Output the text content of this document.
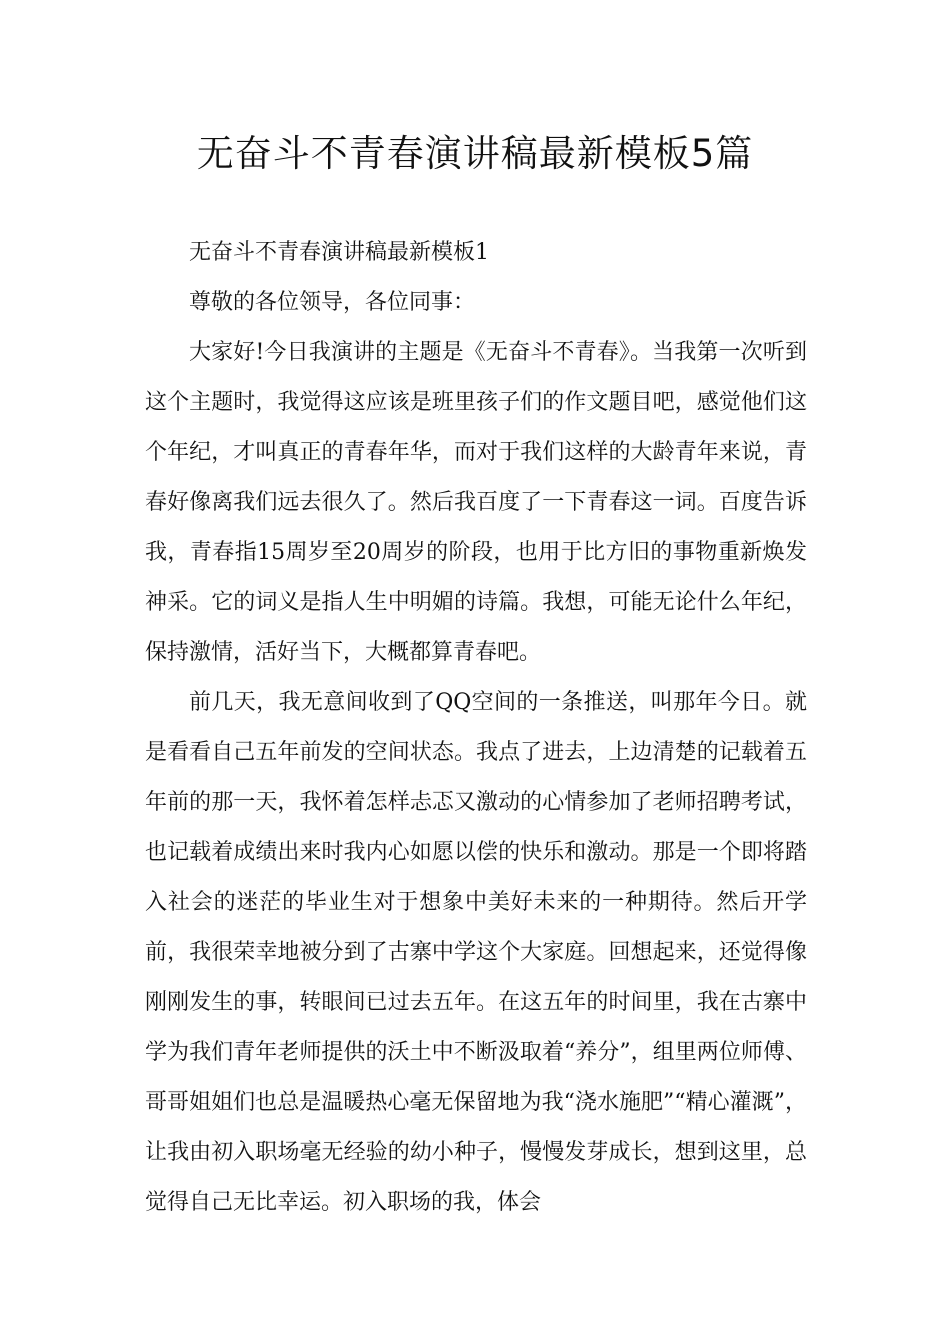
无奋斗不青春演讲稿最新模板5篇

无奋斗不青春演讲稿最新模板1

尊敬的各位领导，各位同事：

大家好!今日我演讲的主题是《无奋斗不青春》。当我第一次听到这个主题时，我觉得这应该是班里孩子们的作文题目吧，感觉他们这个年纪，才叫真正的青春年华，而对于我们这样的大龄青年来说，青春好像离我们远去很久了。然后我百度了一下青春这一词。百度告诉我，青春指15周岁至20周岁的阶段，也用于比方旧的事物重新焕发神采。它的词义是指人生中明媚的诗篇。我想，可能无论什么年纪，保持激情，活好当下，大概都算青春吧。

前几天，我无意间收到了QQ空间的一条推送，叫那年今日。就是看看自己五年前发的空间状态。我点了进去，上边清楚的记载着五年前的那一天，我怀着怎样忐忑又激动的心情参加了老师招聘考试，也记载着成绩出来时我内心如愿以偿的快乐和激动。那是一个即将踏入社会的迷茫的毕业生对于想象中美好未来的一种期待。然后开学前，我很荣幸地被分到了古寨中学这个大家庭。回想起来，还觉得像刚刚发生的事，转眼间已过去五年。在这五年的时间里，我在古寨中学为我们青年老师提供的沃土中不断汲取着“养分”，组里两位师傅、哥哥姐姐们也总是温暖热心毫无保留地为我“浇水施肥”“精心灌溉”，让我由初入职场毫无经验的幼小种子，慢慢发芽成长，想到这里，总觉得自己无比幸运。初入职场的我，体会
